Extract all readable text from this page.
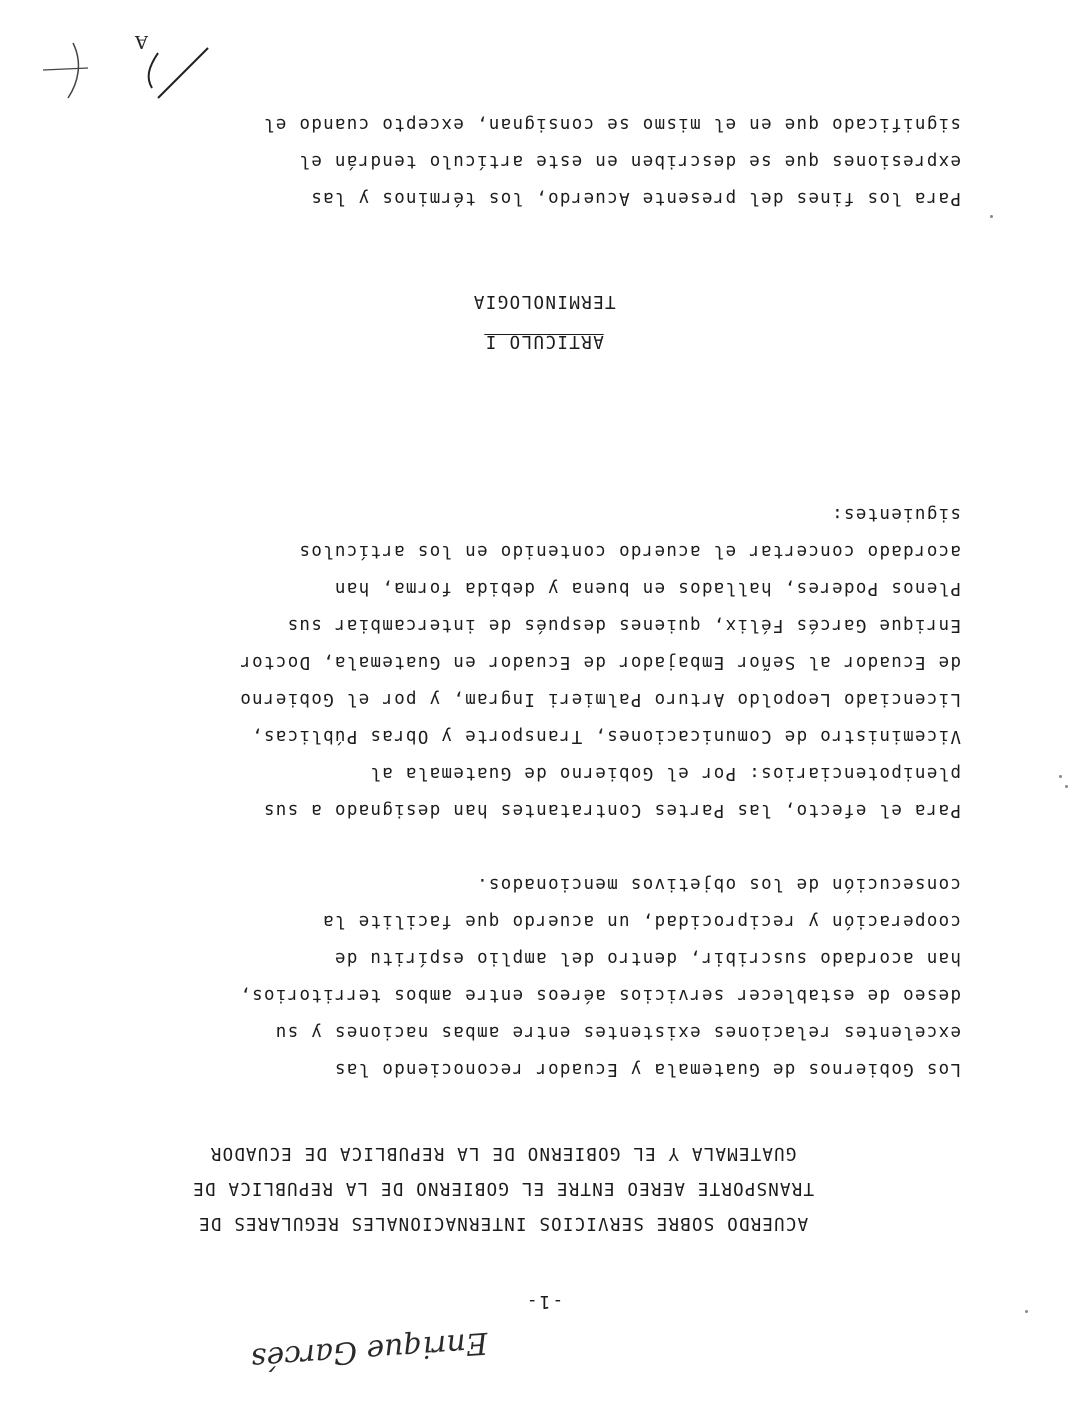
Enrique Garcés
-1-
ACUERDO SOBRE SERVICIOS INTERNACIONALES REGULARES DE
TRANSPORTE AEREO ENTRE EL GOBIERNO DE LA REPUBLICA DE
GUATEMALA Y EL GOBIERNO DE LA REPUBLICA DE ECUADOR
Los Gobiernos de Guatemala y Ecuador reconociendo las
excelentes relaciones existentes entre ambas naciones y su
deseo de establecer servicios aéreos entre ambos territorios,
han acordado suscribir, dentro del amplio espíritu de
cooperación y reciprocidad, un acuerdo que facilite la
consecución de los objetivos mencionados.
Para el efecto, las Partes Contratantes han designado a sus
plenipotenciarios: Por el Gobierno de Guatemala al
Viceministro de Comunicaciones, Transporte y Obras Públicas,
Licenciado Leopoldo Arturo Palmieri Ingram, y por el Gobierno
de Ecuador al Señor Embajador de Ecuador en Guatemala, Doctor
Enrique Garcés Félix, quienes después de intercambiar sus
Plenos Poderes, hallados en buena y debida forma, han
acordado concertar el acuerdo contenido en los artículos
siguientes:
ARTICULO I
TERMINOLOGIA
Para los fines del presente Acuerdo, los términos y las
expresiones que se describen en este artículo tendrán el
significado que en el mismo se consignan, excepto cuando el
A
